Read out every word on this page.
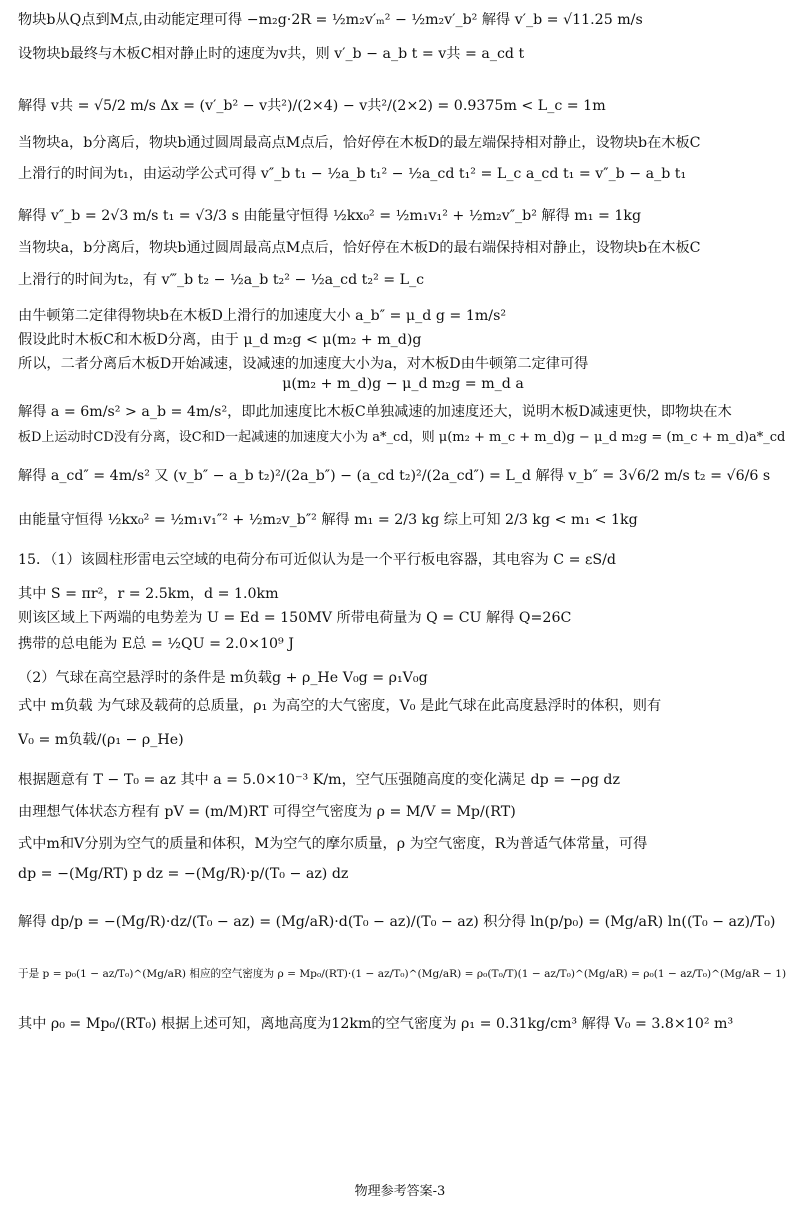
物块b从Q点到M点,由动能定理可得 −m₂g·2R = ½m₂v′ₘ² − ½m₂v′_b² 解得 v′_b = √11.25 m/s
设物块b最终与木板C相对静止时的速度为v共，则 v′_b − a_b t = v共 = a_cd t
解得 v共 = √5/2 m/s Δx = (v′_b² − v共²)/(2×4) − v共²/(2×2) = 0.9375m < L_c = 1m
当物块a，b分离后，物块b通过圆周最高点M点后，恰好停在木板D的最左端保持相对静止，设物块b在木板C
上滑行的时间为t₁，由运动学公式可得 v″_b t₁ − ½a_b t₁² − ½a_cd t₁² = L_c a_cd t₁ = v″_b − a_b t₁
解得 v″_b = 2√3 m/s t₁ = √3/3 s 由能量守恒得 ½kx₀² = ½m₁v₁² + ½m₂v″_b² 解得 m₁ = 1kg
当物块a，b分离后，物块b通过圆周最高点M点后，恰好停在木板D的最右端保持相对静止，设物块b在木板C
上滑行的时间为t₂，有 v‴_b t₂ − ½a_b t₂² − ½a_cd t₂² = L_c
由牛顿第二定律得物块b在木板D上滑行的加速度大小 a_b″ = μ_d g = 1m/s²
假设此时木板C和木板D分离，由于 μ_d m₂g < μ(m₂ + m_d)g
所以，二者分离后木板D开始减速，设减速的加速度大小为a，对木板D由牛顿第二定律可得
μ(m₂ + m_d)g − μ_d m₂g = m_d a
解得 a = 6m/s² > a_b = 4m/s²，即此加速度比木板C单独减速的加速度还大，说明木板D减速更快，即物块在木
板D上运动时CD没有分离，设C和D一起减速的加速度大小为 a*_cd，则 μ(m₂ + m_c + m_d)g − μ_d m₂g = (m_c + m_d)a*_cd
解得 a_cd″ = 4m/s² 又 (v_b″ − a_b t₂)²/(2a_b″) − (a_cd t₂)²/(2a_cd″) = L_d 解得 v_b″ = 3√6/2 m/s t₂ = √6/6 s
由能量守恒得 ½kx₀² = ½m₁v₁″² + ½m₂v_b″² 解得 m₁ = 2/3 kg 综上可知 2/3 kg < m₁ < 1kg
15．（1）该圆柱形雷电云空域的电荷分布可近似认为是一个平行板电容器，其电容为 C = εS/d
其中 S = πr²，r = 2.5km，d = 1.0km
则该区域上下两端的电势差为 U = Ed = 150MV 所带电荷量为 Q = CU 解得 Q=26C
携带的总电能为 E总 = ½QU = 2.0×10⁹ J
（2）气球在高空悬浮时的条件是 m负载g + ρ_He V₀g = ρ₁V₀g
式中 m负载 为气球及载荷的总质量，ρ₁ 为高空的大气密度，V₀ 是此气球在此高度悬浮时的体积，则有
V₀ = m负载/(ρ₁ − ρ_He)
根据题意有 T − T₀ = az 其中 a = 5.0×10⁻³ K/m，空气压强随高度的变化满足 dp = −ρg dz
由理想气体状态方程有 pV = (m/M)RT 可得空气密度为 ρ = M/V = Mp/(RT)
式中m和V分别为空气的质量和体积，M为空气的摩尔质量，ρ 为空气密度，R为普适气体常量，可得
dp = −(Mg/RT) p dz = −(Mg/R)·p/(T₀ − az) dz
解得 dp/p = −(Mg/R)·dz/(T₀ − az) = (Mg/aR)·d(T₀ − az)/(T₀ − az) 积分得 ln(p/p₀) = (Mg/aR) ln((T₀ − az)/T₀)
于是 p = p₀(1 − az/T₀)^(Mg/aR) 相应的空气密度为 ρ = Mp₀/(RT)·(1 − az/T₀)^(Mg/aR) = ρ₀(T₀/T)(1 − az/T₀)^(Mg/aR) = ρ₀(1 − az/T₀)^(Mg/aR − 1)
其中 ρ₀ = Mp₀/(RT₀) 根据上述可知，离地高度为12km的空气密度为 ρ₁ = 0.31kg/cm³ 解得 V₀ = 3.8×10² m³
物理参考答案-3
